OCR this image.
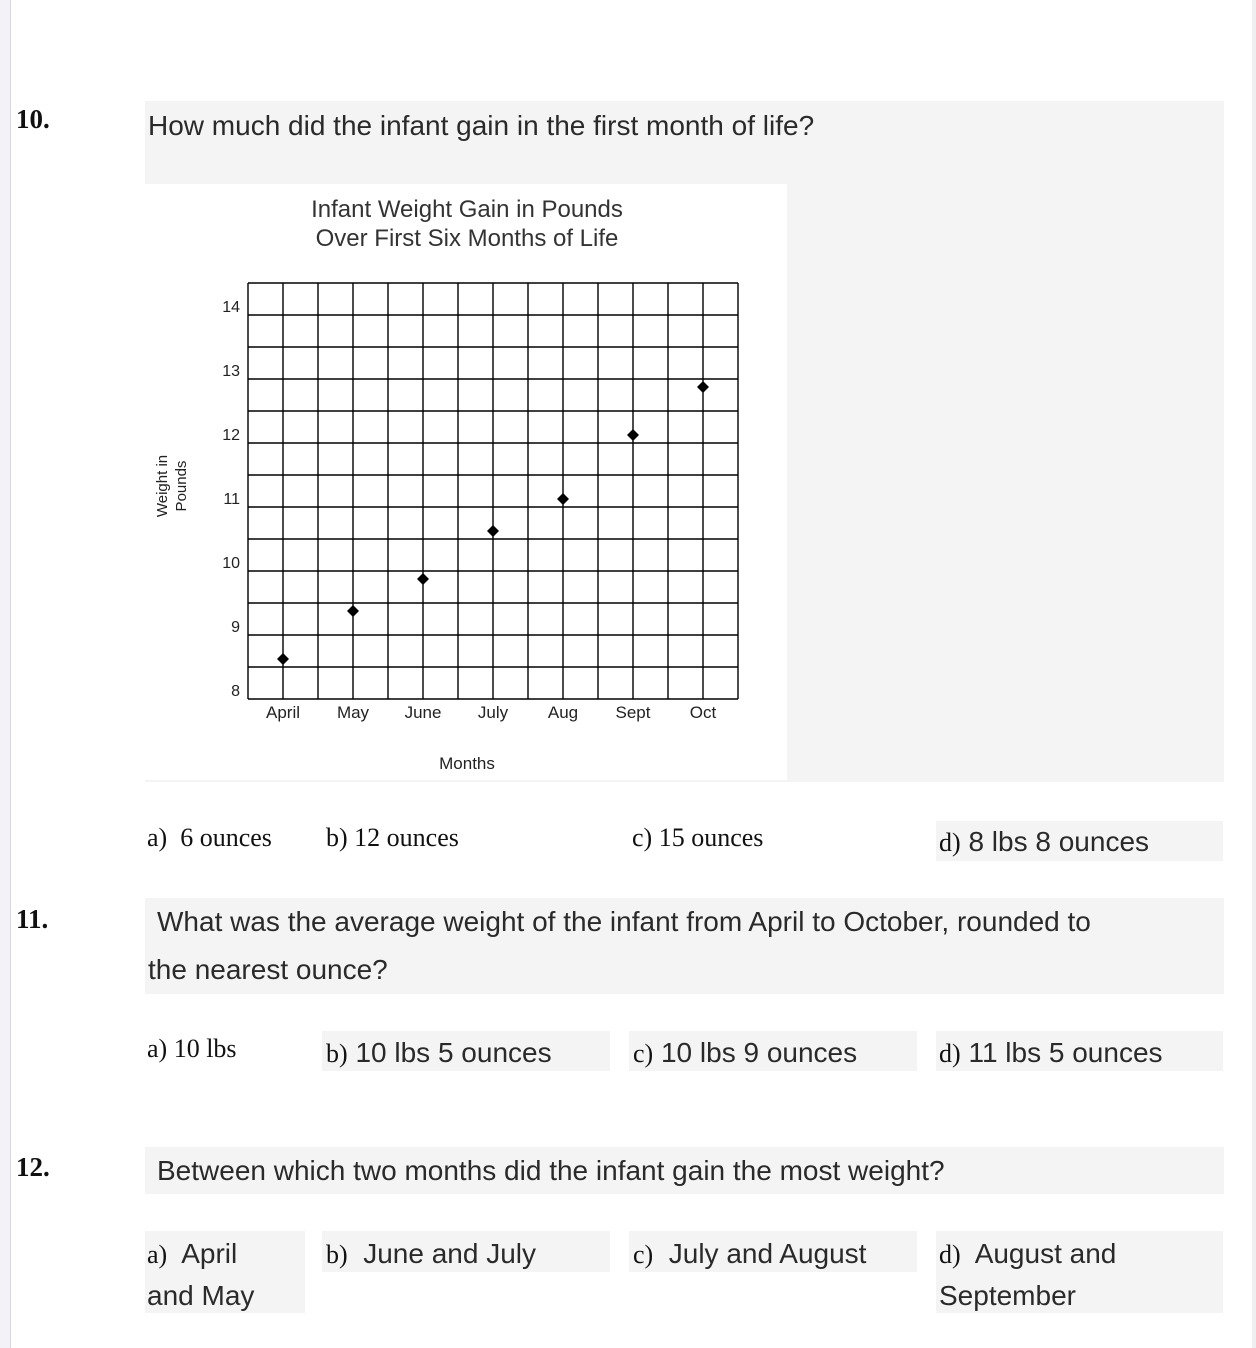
10.	How much did the infant gain in the first month of life?
Infant Weight Gain in Pounds
Over First Six Months of Life
8
9
10
11
12
13
14
April May June July Aug Sept Oct
Weight in Pounds
Months
a) 6 ounces b) 12 ounces	c) 15 ounces	d) 8 lbs 8 ounces
11.	What was the average weight of the infant from April to October, rounded to
the nearest ounce?
a) 10 lbs	b) 10 lbs 5 ounces	c) 10 lbs 9 ounces	d) 11 lbs 5 ounces
12.	Between which two months did the infant gain the most weight?
a) April
and May
b) June and July	c) July and August	d) August and
September
